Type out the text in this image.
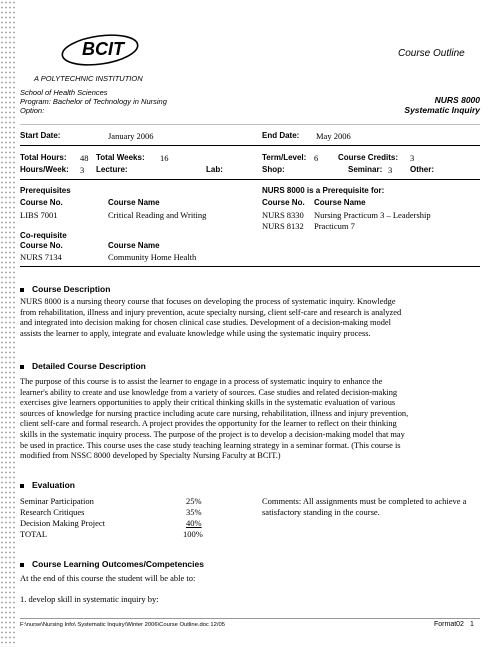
BCIT
A POLYTECHNIC INSTITUTION
Course Outline
School of Health Sciences
Program: Bachelor of Technology in Nursing
Option:
NURS 8000
Systematic Inquiry
Start Date:	January 2006	End Date: May 2006
Total Hours: 48 Total Weeks: 16	Term/Level: 6 Course Credits: 3
Hours/Week: 3 Lecture:	Lab:	Shop:	Seminar: 3 Other:
Prerequisites
Course No.	Course Name
LIBS 7001	Critical Reading and Writing
NURS 8000 is a Prerequisite for:
Course No. Course Name
NURS 8330 Nursing Practicum 3 – Leadership
NURS 8132 Practicum 7
Co-requisite
Course No.	Course Name
NURS 7134	Community Home Health
Course Description
NURS 8000 is a nursing theory course that focuses on developing the process of systematic inquiry. Knowledge
from rehabilitation, illness and injury prevention, acute specialty nursing, client self-care and research is analyzed
and integrated into decision making for chosen clinical case studies. Development of a decision-making model
assists the learner to apply, integrate and evaluate knowledge while using the systematic inquiry process.
Detailed Course Description
The purpose of this course is to assist the learner to engage in a process of systematic inquiry to enhance the
learner's ability to create and use knowledge from a variety of sources. Case studies and related decision-making
exercises give learners opportunities to apply their critical thinking skills in the systematic evaluation of various
sources of knowledge for nursing practice including acute care nursing, rehabilitation, illness and injury prevention,
client self-care and formal research. A project provides the opportunity for the learner to reflect on their thinking
skills in the systematic inquiry process. The purpose of the project is to develop a decision-making model that may
be used in practice. This course uses the case study teaching learning strategy in a seminar format. (This course is
modified from NSSC 8000 developed by Specialty Nursing Faculty at BCIT.)
Evaluation
Seminar Participation	25%
Research Critiques	35%
Decision Making Project	40%
TOTAL	100%
Comments: All assignments must be completed to achieve a
satisfactory standing in the course.
Course Learning Outcomes/Competencies
At the end of this course the student will be able to:
1. develop skill in systematic inquiry by:
F:\nurse\Nursing Info\ Systematic Inquiry\Winter 2006\Course Outline.doc 12/05	Format02 1
